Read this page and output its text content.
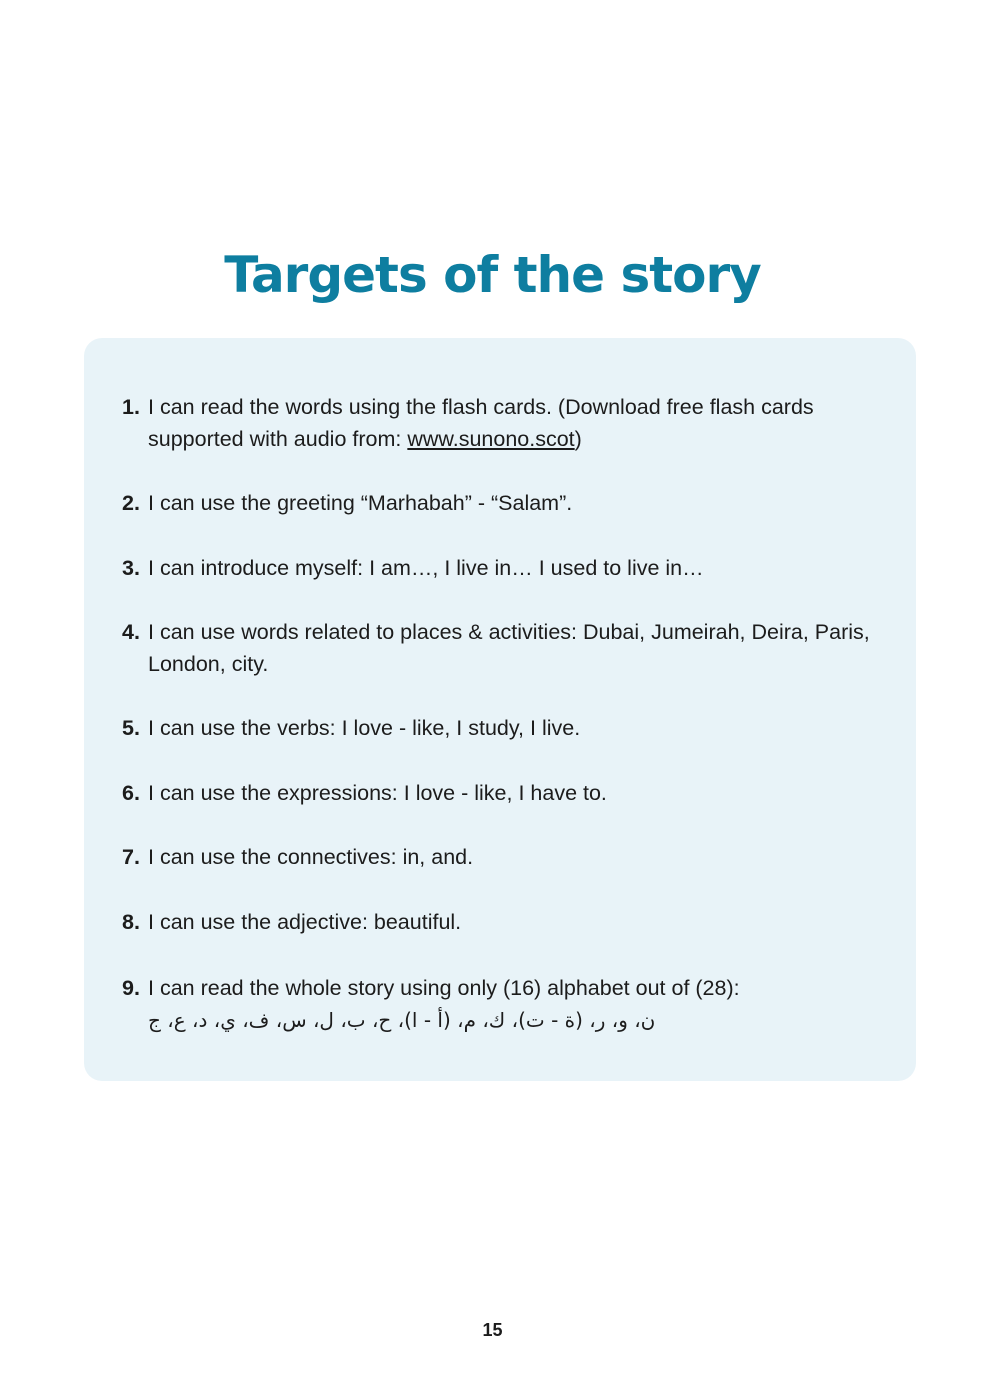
Targets of the story
1. I can read the words using the flash cards. (Download free flash cards supported with audio from: www.sunono.scot)
2. I can use the greeting “Marhabah” - “Salam”.
3. I can introduce myself: I am…, I live in… I used to live in…
4. I can use words related to places & activities: Dubai, Jumeirah, Deira, Paris, London, city.
5. I can use the verbs: I love - like, I study, I live.
6. I can use the expressions: I love - like, I have to.
7. I can use the connectives: in, and.
8. I can use the adjective: beautiful.
9. I can read the whole story using only (16) alphabet out of (28):
ن، و، ر، (ة - ت)، ك، م، (أ - ا)، ح، ب، ل، س، ف، ي، د، ع، ج
15
